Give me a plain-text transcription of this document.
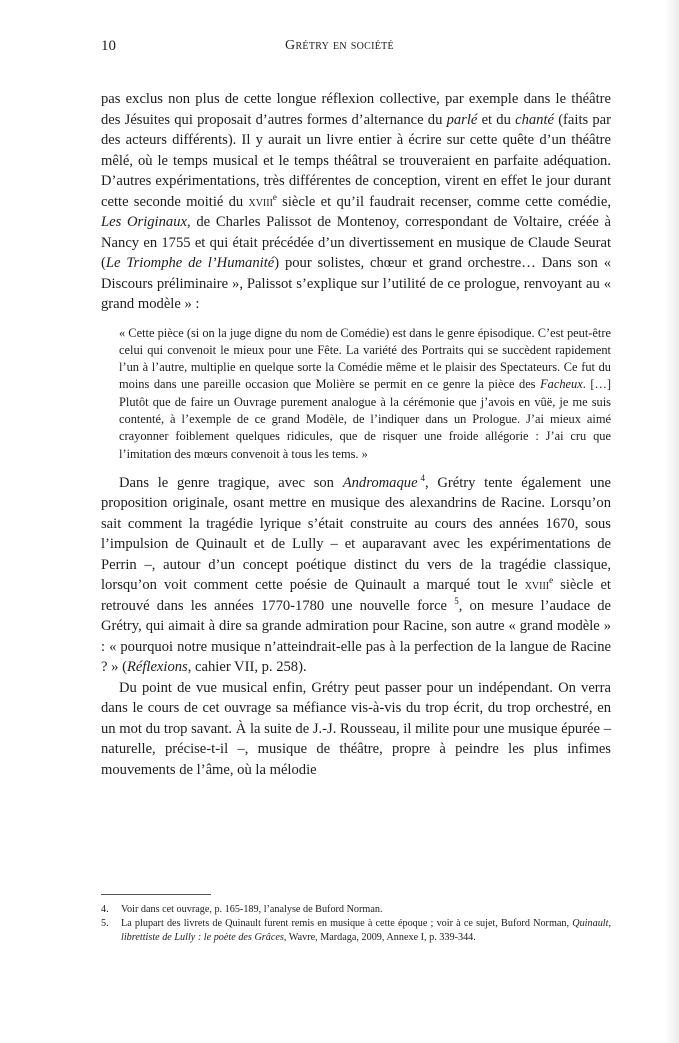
10	Grétry en société

pas exclus non plus de cette longue réflexion collective, par exemple dans le théâtre des Jésuites qui proposait d’autres formes d’alternance du parlé et du chanté (faits par des acteurs différents). Il y aurait un livre entier à écrire sur cette quête d’un théâtre mêlé, où le temps musical et le temps théâtral se trouveraient en parfaite adéquation. D’autres expérimentations, très différentes de conception, virent en effet le jour durant cette seconde moitié du xviii$^e$ siècle et qu’il faudrait recenser, comme cette comédie, Les Originaux, de Charles Palissot de Montenoy, correspondant de Voltaire, créée à Nancy en 1755 et qui était précédée d’un divertissement en musique de Claude Seurat (Le Triomphe de l’Humanité) pour solistes, chœur et grand orchestre… Dans son « Discours préliminaire », Palissot s’explique sur l’utilité de ce prologue, renvoyant au « grand modèle » :

« Cette pièce (si on la juge digne du nom de Comédie) est dans le genre épisodique. C’est peut-être celui qui convenoit le mieux pour une Fête. La variété des Portraits qui se succèdent rapidement l’un à l’autre, multiplie en quelque sorte la Comédie même et le plaisir des Spectateurs. Ce fut du moins dans une pareille occasion que Molière se permit en ce genre la pièce des Facheux. […] Plutôt que de faire un Ouvrage purement analogue à la cérémonie que j’avois en vûë, je me suis contenté, à l’exemple de ce grand Modèle, de l’indiquer dans un Prologue. J’ai mieux aimé crayonner foiblement quelques ridicules, que de risquer une froide allégorie : J’ai cru que l’imitation des mœurs convenoit à tous les tems. »

Dans le genre tragique, avec son Andromaque  $^4$, Grétry tente également une proposition originale, osant mettre en musique des alexandrins de Racine. Lorsqu’on sait comment la tragédie lyrique s’était construite au cours des années 1670, sous l’impulsion de Quinault et de Lully – et auparavant avec les expérimentations de Perrin –, autour d’un concept poétique distinct du vers de la tragédie classique, lorsqu’on voit comment cette poésie de Quinault a marqué tout le xviii$^e$ siècle et retrouvé dans les années 1770-1780 une nouvelle force $^5$, on mesure l’audace de Grétry, qui aimait à dire sa grande admiration pour Racine, son autre « grand modèle » : « pourquoi notre musique n’atteindrait-elle pas à la perfection de la langue de Racine ? » (Réflexions, cahier VII, p. 258).

Du point de vue musical enfin, Grétry peut passer pour un indépendant. On verra dans le cours de cet ouvrage sa méfiance vis-à-vis du trop écrit, du trop orchestré, en un mot du trop savant. À la suite de J.-J. Rousseau, il milite pour une musique épurée – naturelle, précise-t-il –, musique de théâtre, propre à peindre les plus infimes mouvements de l’âme, où la mélodie

4.	Voir dans cet ouvrage, p. 165-189, l’analyse de Buford Norman.

5.	La plupart des livrets de Quinault furent remis en musique à cette époque ; voir à ce sujet, Buford Norman, Quinault, librettiste de Lully : le poète des Grâces, Wavre, Mardaga, 2009, Annexe I, p. 339-344.
